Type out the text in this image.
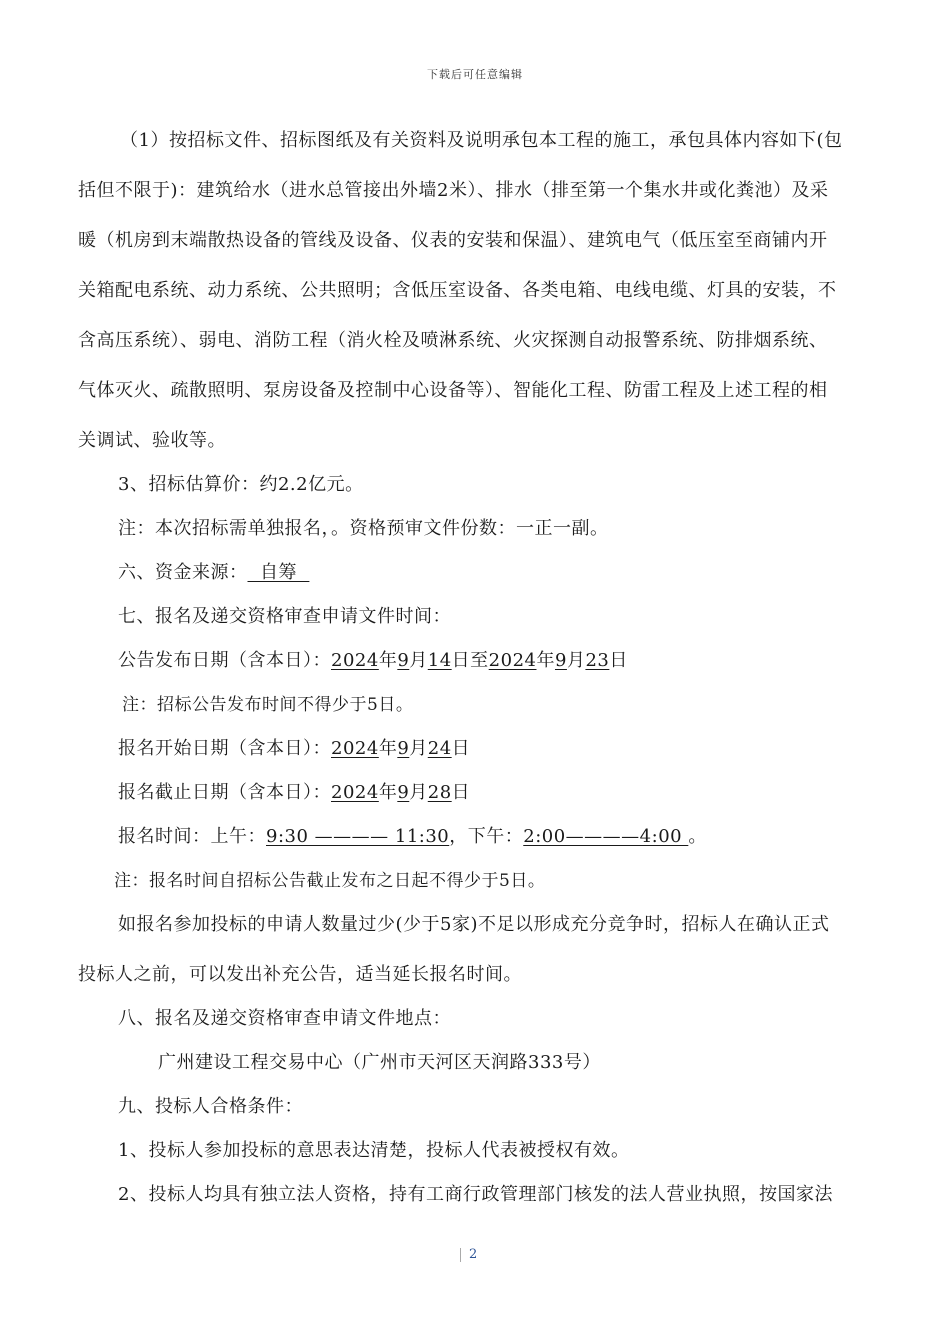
下载后可任意编辑
（1）按招标文件、招标图纸及有关资料及说明承包本工程的施工，承包具体内容如下(包
括但不限于)：建筑给水（进水总管接出外墙2米）、排水（排至第一个集水井或化粪池）及采
暖（机房到末端散热设备的管线及设备、仪表的安装和保温）、建筑电气（低压室至商铺内开
关箱配电系统、动力系统、公共照明；含低压室设备、各类电箱、电线电缆、灯具的安装，不
含高压系统）、弱电、消防工程（消火栓及喷淋系统、火灾探测自动报警系统、防排烟系统、
气体灭火、疏散照明、泵房设备及控制中心设备等）、智能化工程、防雷工程及上述工程的相
关调试、验收等。
3、招标估算价：约2.2亿元。
注：本次招标需单独报名，。资格预审文件份数：一正一副。
六、资金来源：  自筹
七、报名及递交资格审查申请文件时间：
公告发布日期（含本日）：2024年9月14日至2024年9月23日
注：招标公告发布时间不得少于5日。
报名开始日期（含本日）：2024年9月24日
报名截止日期（含本日）：2024年9月28日
报名时间：上午：9:30 ———— 11:30，下午：2:00————4:00 。
注：报名时间自招标公告截止发布之日起不得少于5日。
如报名参加投标的申请人数量过少(少于5家)不足以形成充分竞争时，招标人在确认正式
投标人之前，可以发出补充公告，适当延长报名时间。
八、报名及递交资格审查申请文件地点：
广州建设工程交易中心（广州市天河区天润路333号）
九、投标人合格条件：
1、投标人参加投标的意思表达清楚，投标人代表被授权有效。
2、投标人均具有独立法人资格，持有工商行政管理部门核发的法人营业执照，按国家法
2
